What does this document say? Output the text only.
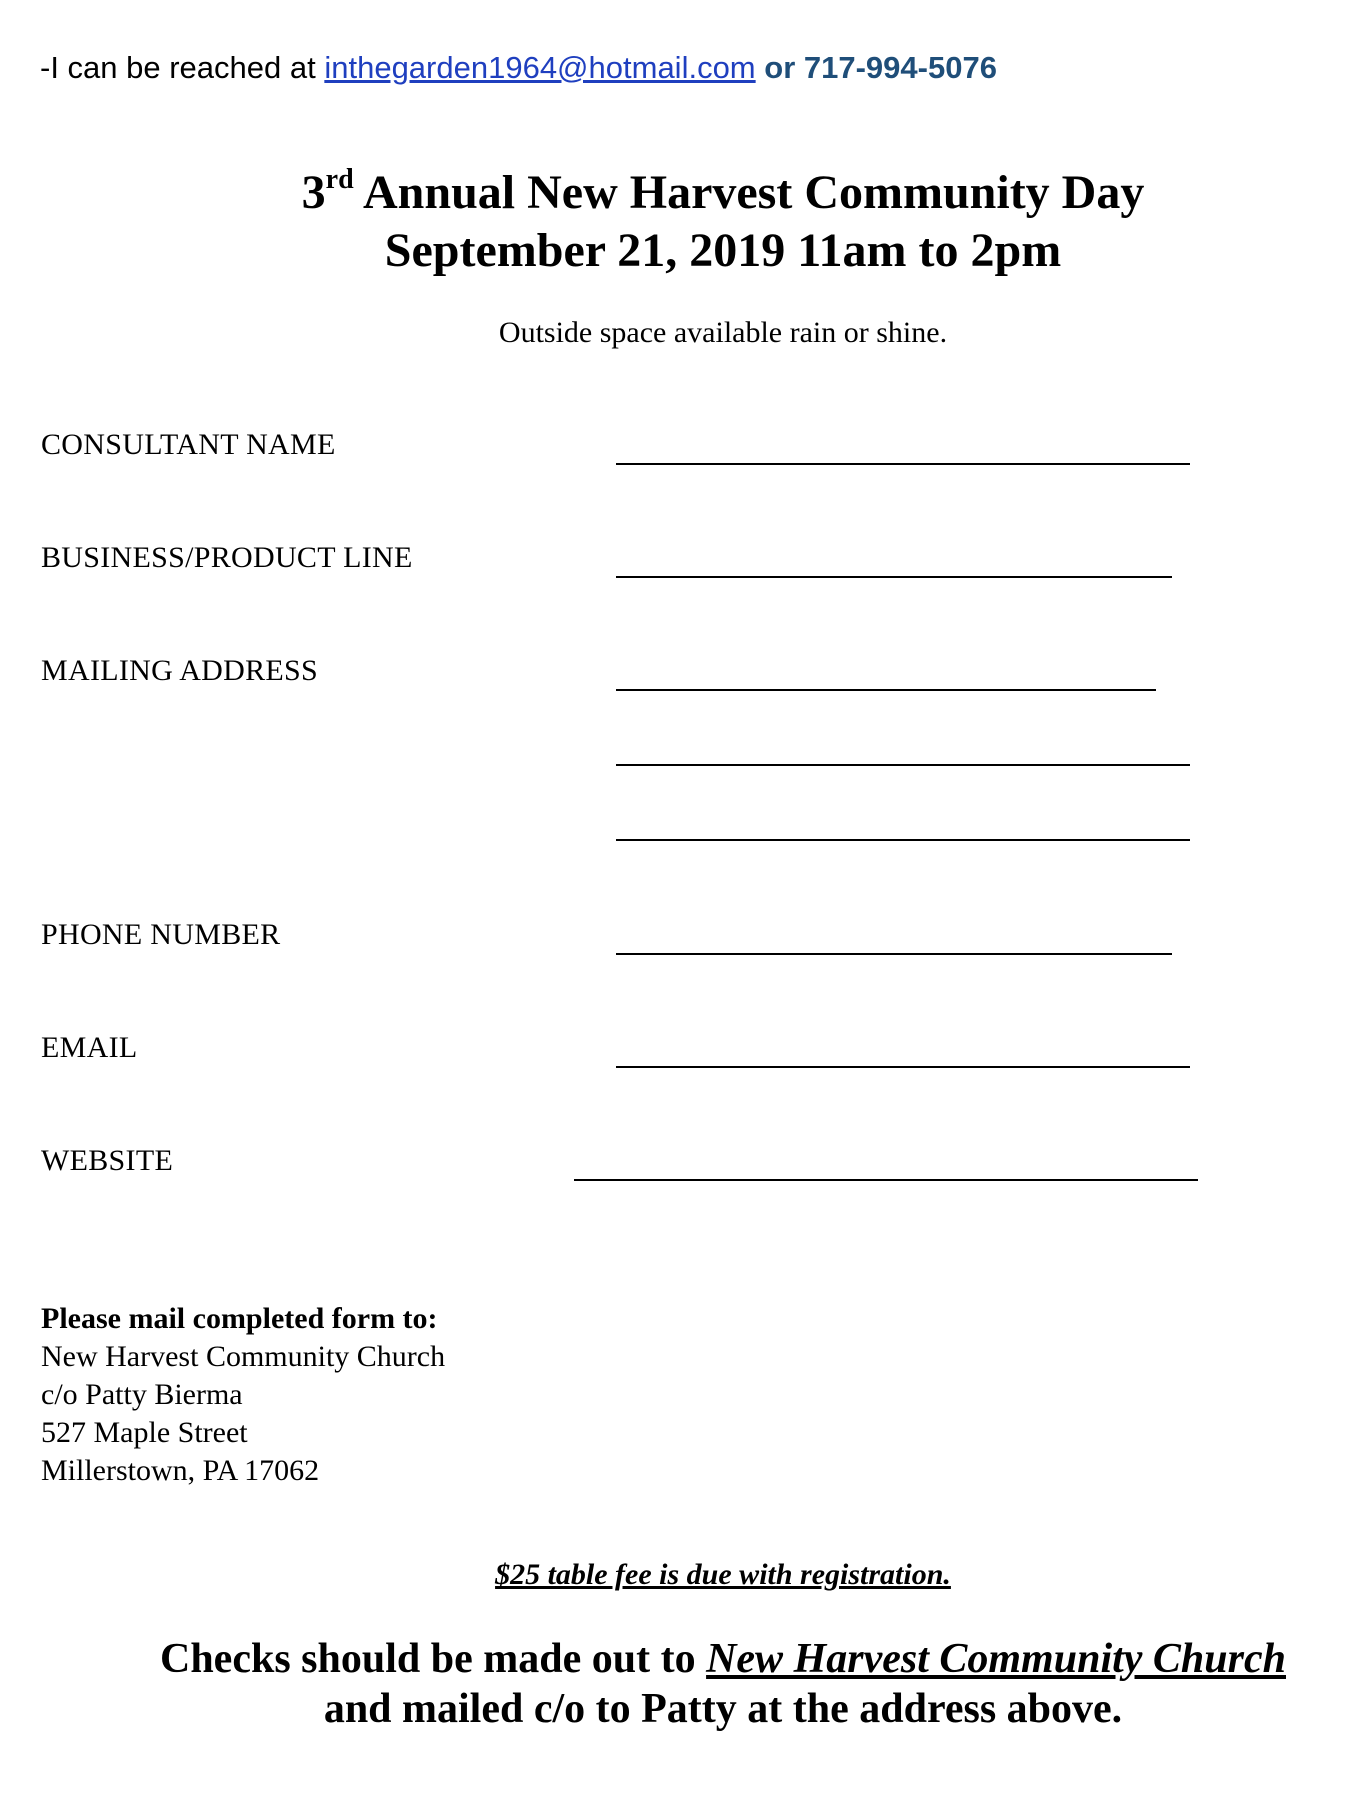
-I can be reached at inthegarden1964@hotmail.com or 717-994-5076
3rd Annual New Harvest Community Day
September 21, 2019 11am to 2pm
Outside space available rain or shine.
CONSULTANT NAME
BUSINESS/PRODUCT LINE
MAILING ADDRESS
PHONE NUMBER
EMAIL
WEBSITE
Please mail completed form to:
New Harvest Community Church
c/o Patty Bierma
527 Maple Street
Millerstown, PA 17062
$25 table fee is due with registration.
Checks should be made out to New Harvest Community Church
and mailed c/o to Patty at the address above.
